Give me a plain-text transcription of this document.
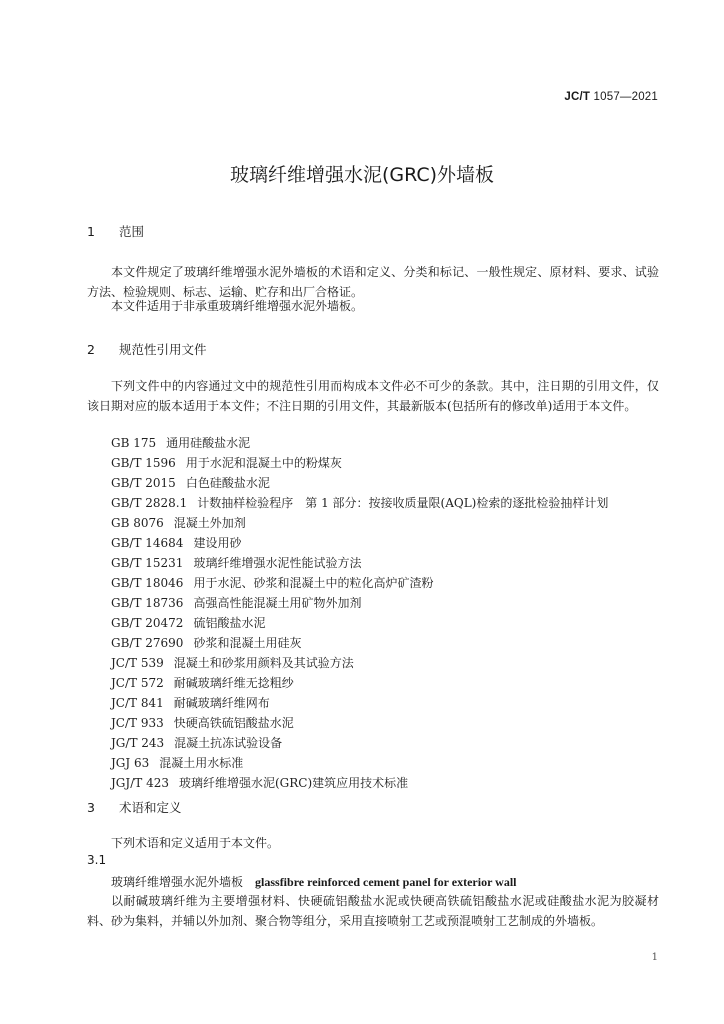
JC/T 1057—2021
玻璃纤维增强水泥(GRC)外墙板
1 范围
本文件规定了玻璃纤维增强水泥外墙板的术语和定义、分类和标记、一般性规定、原材料、要求、试验方法、检验规则、标志、运输、贮存和出厂合格证。
本文件适用于非承重玻璃纤维增强水泥外墙板。
2 规范性引用文件
下列文件中的内容通过文中的规范性引用而构成本文件必不可少的条款。其中，注日期的引用文件，仅该日期对应的版本适用于本文件；不注日期的引用文件，其最新版本(包括所有的修改单)适用于本文件。
GB 175 通用硅酸盐水泥
GB/T 1596 用于水泥和混凝土中的粉煤灰
GB/T 2015 白色硅酸盐水泥
GB/T 2828.1 计数抽样检验程序　第 1 部分：按接收质量限(AQL)检索的逐批检验抽样计划
GB 8076 混凝土外加剂
GB/T 14684 建设用砂
GB/T 15231 玻璃纤维增强水泥性能试验方法
GB/T 18046 用于水泥、砂浆和混凝土中的粒化高炉矿渣粉
GB/T 18736 高强高性能混凝土用矿物外加剂
GB/T 20472 硫铝酸盐水泥
GB/T 27690 砂浆和混凝土用硅灰
JC/T 539 混凝土和砂浆用颜料及其试验方法
JC/T 572 耐碱玻璃纤维无捻粗纱
JC/T 841 耐碱玻璃纤维网布
JC/T 933 快硬高铁硫铝酸盐水泥
JG/T 243 混凝土抗冻试验设备
JGJ 63 混凝土用水标准
JGJ/T 423 玻璃纤维增强水泥(GRC)建筑应用技术标准
3 术语和定义
下列术语和定义适用于本文件。
3.1
玻璃纤维增强水泥外墙板 glassfibre reinforced cement panel for exterior wall
以耐碱玻璃纤维为主要增强材料、快硬硫铝酸盐水泥或快硬高铁硫铝酸盐水泥或硅酸盐水泥为胶凝材料、砂为集料，并辅以外加剂、聚合物等组分，采用直接喷射工艺或预混喷射工艺制成的外墙板。
1
